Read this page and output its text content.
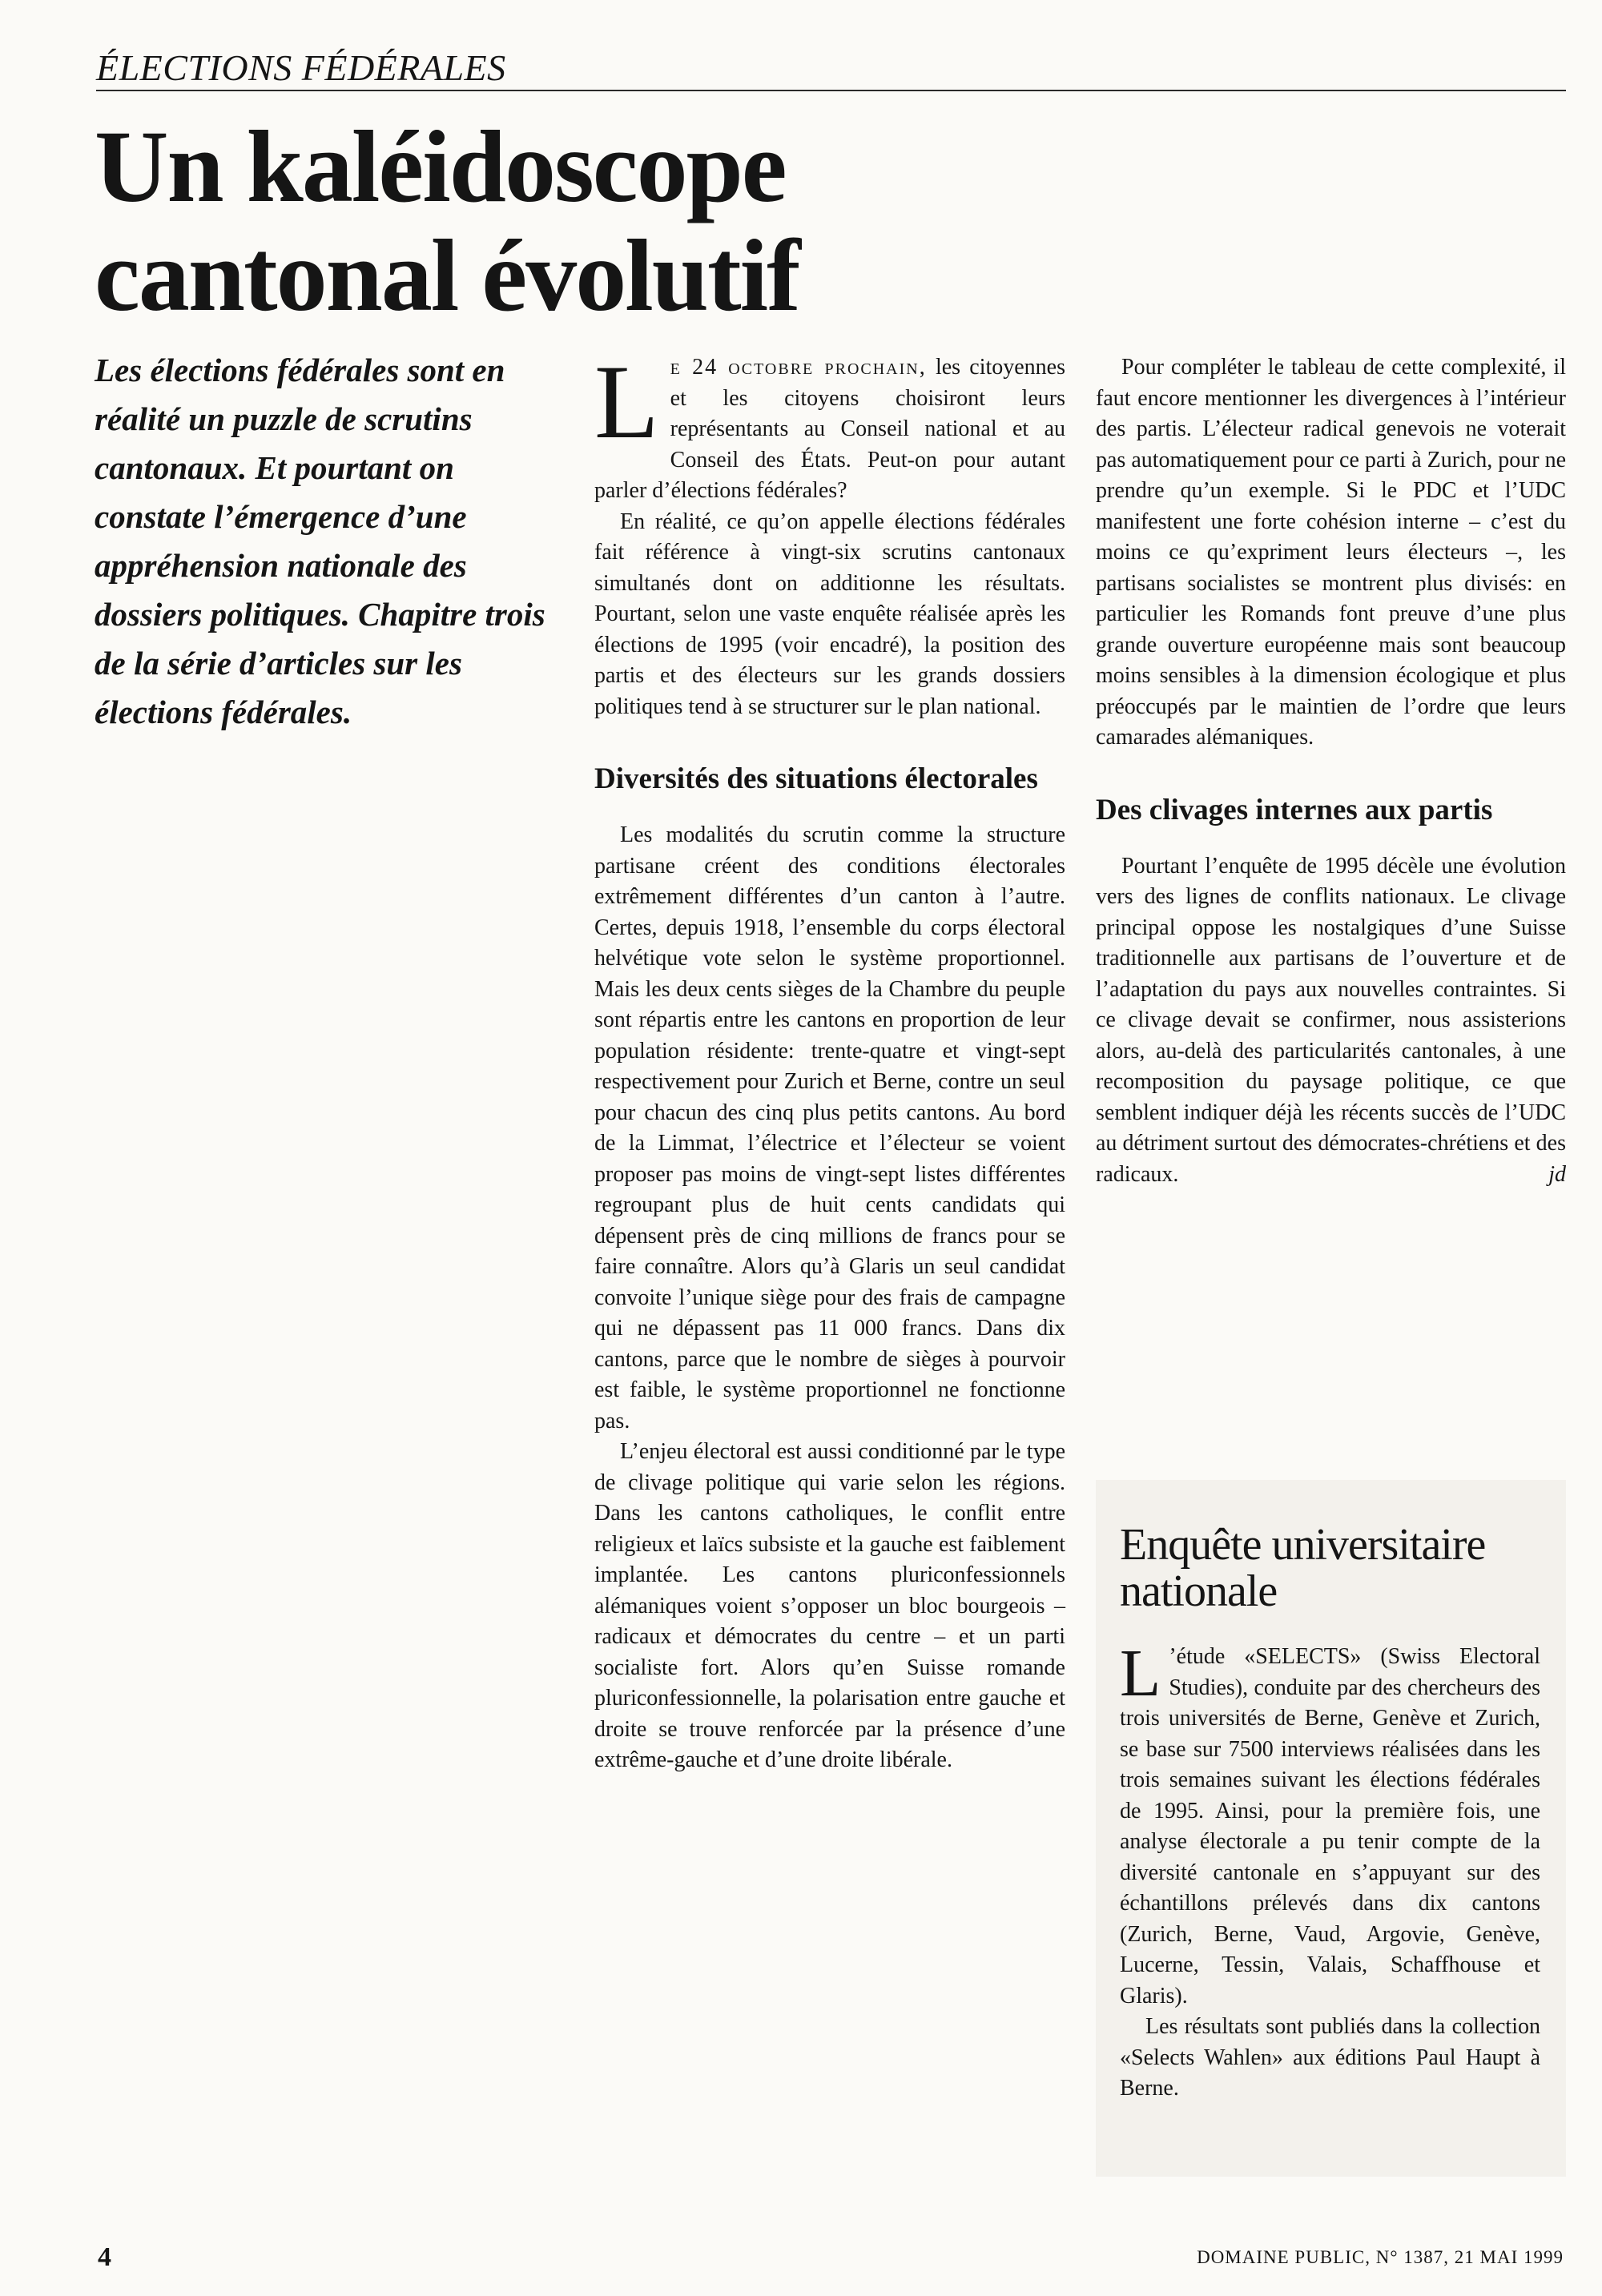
ÉLECTIONS FÉDÉRALES
Un kaléidoscope
cantonal évolutif
Les élections fédérales sont en réalité un puzzle de scrutins cantonaux. Et pourtant on constate l’émergence d’une appréhension nationale des dossiers politiques. Chapitre trois de la série d’articles sur les élections fédérales.

Le 24 octobre prochain, les citoyennes et les citoyens choisiront leurs représentants au Conseil national et au Conseil des États. Peut-on pour autant parler d’élections fédérales?

En réalité, ce qu’on appelle élections fédérales fait référence à vingt-six scrutins cantonaux simultanés dont on additionne les résultats. Pourtant, selon une vaste enquête réalisée après les élections de 1995 (voir encadré), la position des partis et des électeurs sur les grands dossiers politiques tend à se structurer sur le plan national.

Diversités des situations électorales

Les modalités du scrutin comme la structure partisane créent des conditions électorales extrêmement différentes d’un canton à l’autre. Certes, depuis 1918, l’ensemble du corps électoral helvétique vote selon le système proportionnel. Mais les deux cents sièges de la Chambre du peuple sont répartis entre les cantons en proportion de leur population résidente: trente-quatre et vingt-sept respectivement pour Zurich et Berne, contre un seul pour chacun des cinq plus petits cantons. Au bord de la Limmat, l’électrice et l’électeur se voient proposer pas moins de vingt-sept listes différentes regroupant plus de huit cents candidats qui dépensent près de cinq millions de francs pour se faire connaître. Alors qu’à Glaris un seul candidat convoite l’unique siège pour des frais de campagne qui ne dépassent pas 11 000 francs. Dans dix cantons, parce que le nombre de sièges à pourvoir est faible, le système proportionnel ne fonctionne pas.

L’enjeu électoral est aussi conditionné par le type de clivage politique qui varie selon les régions. Dans les cantons catholiques, le conflit entre religieux et laïcs subsiste et la gauche est faiblement implantée. Les cantons pluriconfessionnels alémaniques voient s’opposer un bloc bourgeois – radicaux et démocrates du centre – et un parti socialiste fort. Alors qu’en Suisse romande pluriconfessionnelle, la polarisation entre gauche et droite se trouve renforcée par la présence d’une extrême-gauche et d’une droite libérale.

Pour compléter le tableau de cette complexité, il faut encore mentionner les divergences à l’intérieur des partis. L’électeur radical genevois ne voterait pas automatiquement pour ce parti à Zurich, pour ne prendre qu’un exemple. Si le PDC et l’UDC manifestent une forte cohésion interne – c’est du moins ce qu’expriment leurs électeurs –, les partisans socialistes se montrent plus divisés: en particulier les Romands font preuve d’une plus grande ouverture européenne mais sont beaucoup moins sensibles à la dimension écologique et plus préoccupés par le maintien de l’ordre que leurs camarades alémaniques.

Des clivages internes aux partis

Pourtant l’enquête de 1995 décèle une évolution vers des lignes de conflits nationaux. Le clivage principal oppose les nostalgiques d’une Suisse traditionnelle aux partisans de l’ouverture et de l’adaptation du pays aux nouvelles contraintes. Si ce clivage devait se confirmer, nous assisterions alors, au-delà des particularités cantonales, à une recomposition du paysage politique, ce que semblent indiquer déjà les récents succès de l’UDC au détriment surtout des démocrates-chrétiens et des radicaux.	jd

Enquête universitaire nationale

L ’étude «SELECTS» (Swiss Electoral Studies), conduite par des chercheurs des trois universités de Berne, Genève et Zurich, se base sur 7500 interviews réalisées dans les trois semaines suivant les élections fédérales de 1995. Ainsi, pour la première fois, une analyse électorale a pu tenir compte de la diversité cantonale en s’appuyant sur des échantillons prélevés dans dix cantons (Zurich, Berne, Vaud, Argovie, Genève, Lucerne, Tessin, Valais, Schaffhouse et Glaris).

Les résultats sont publiés dans la collection «Selects Wahlen» aux éditions Paul Haupt à Berne.

4	DOMAINE PUBLIC, N° 1387, 21 MAI 1999
